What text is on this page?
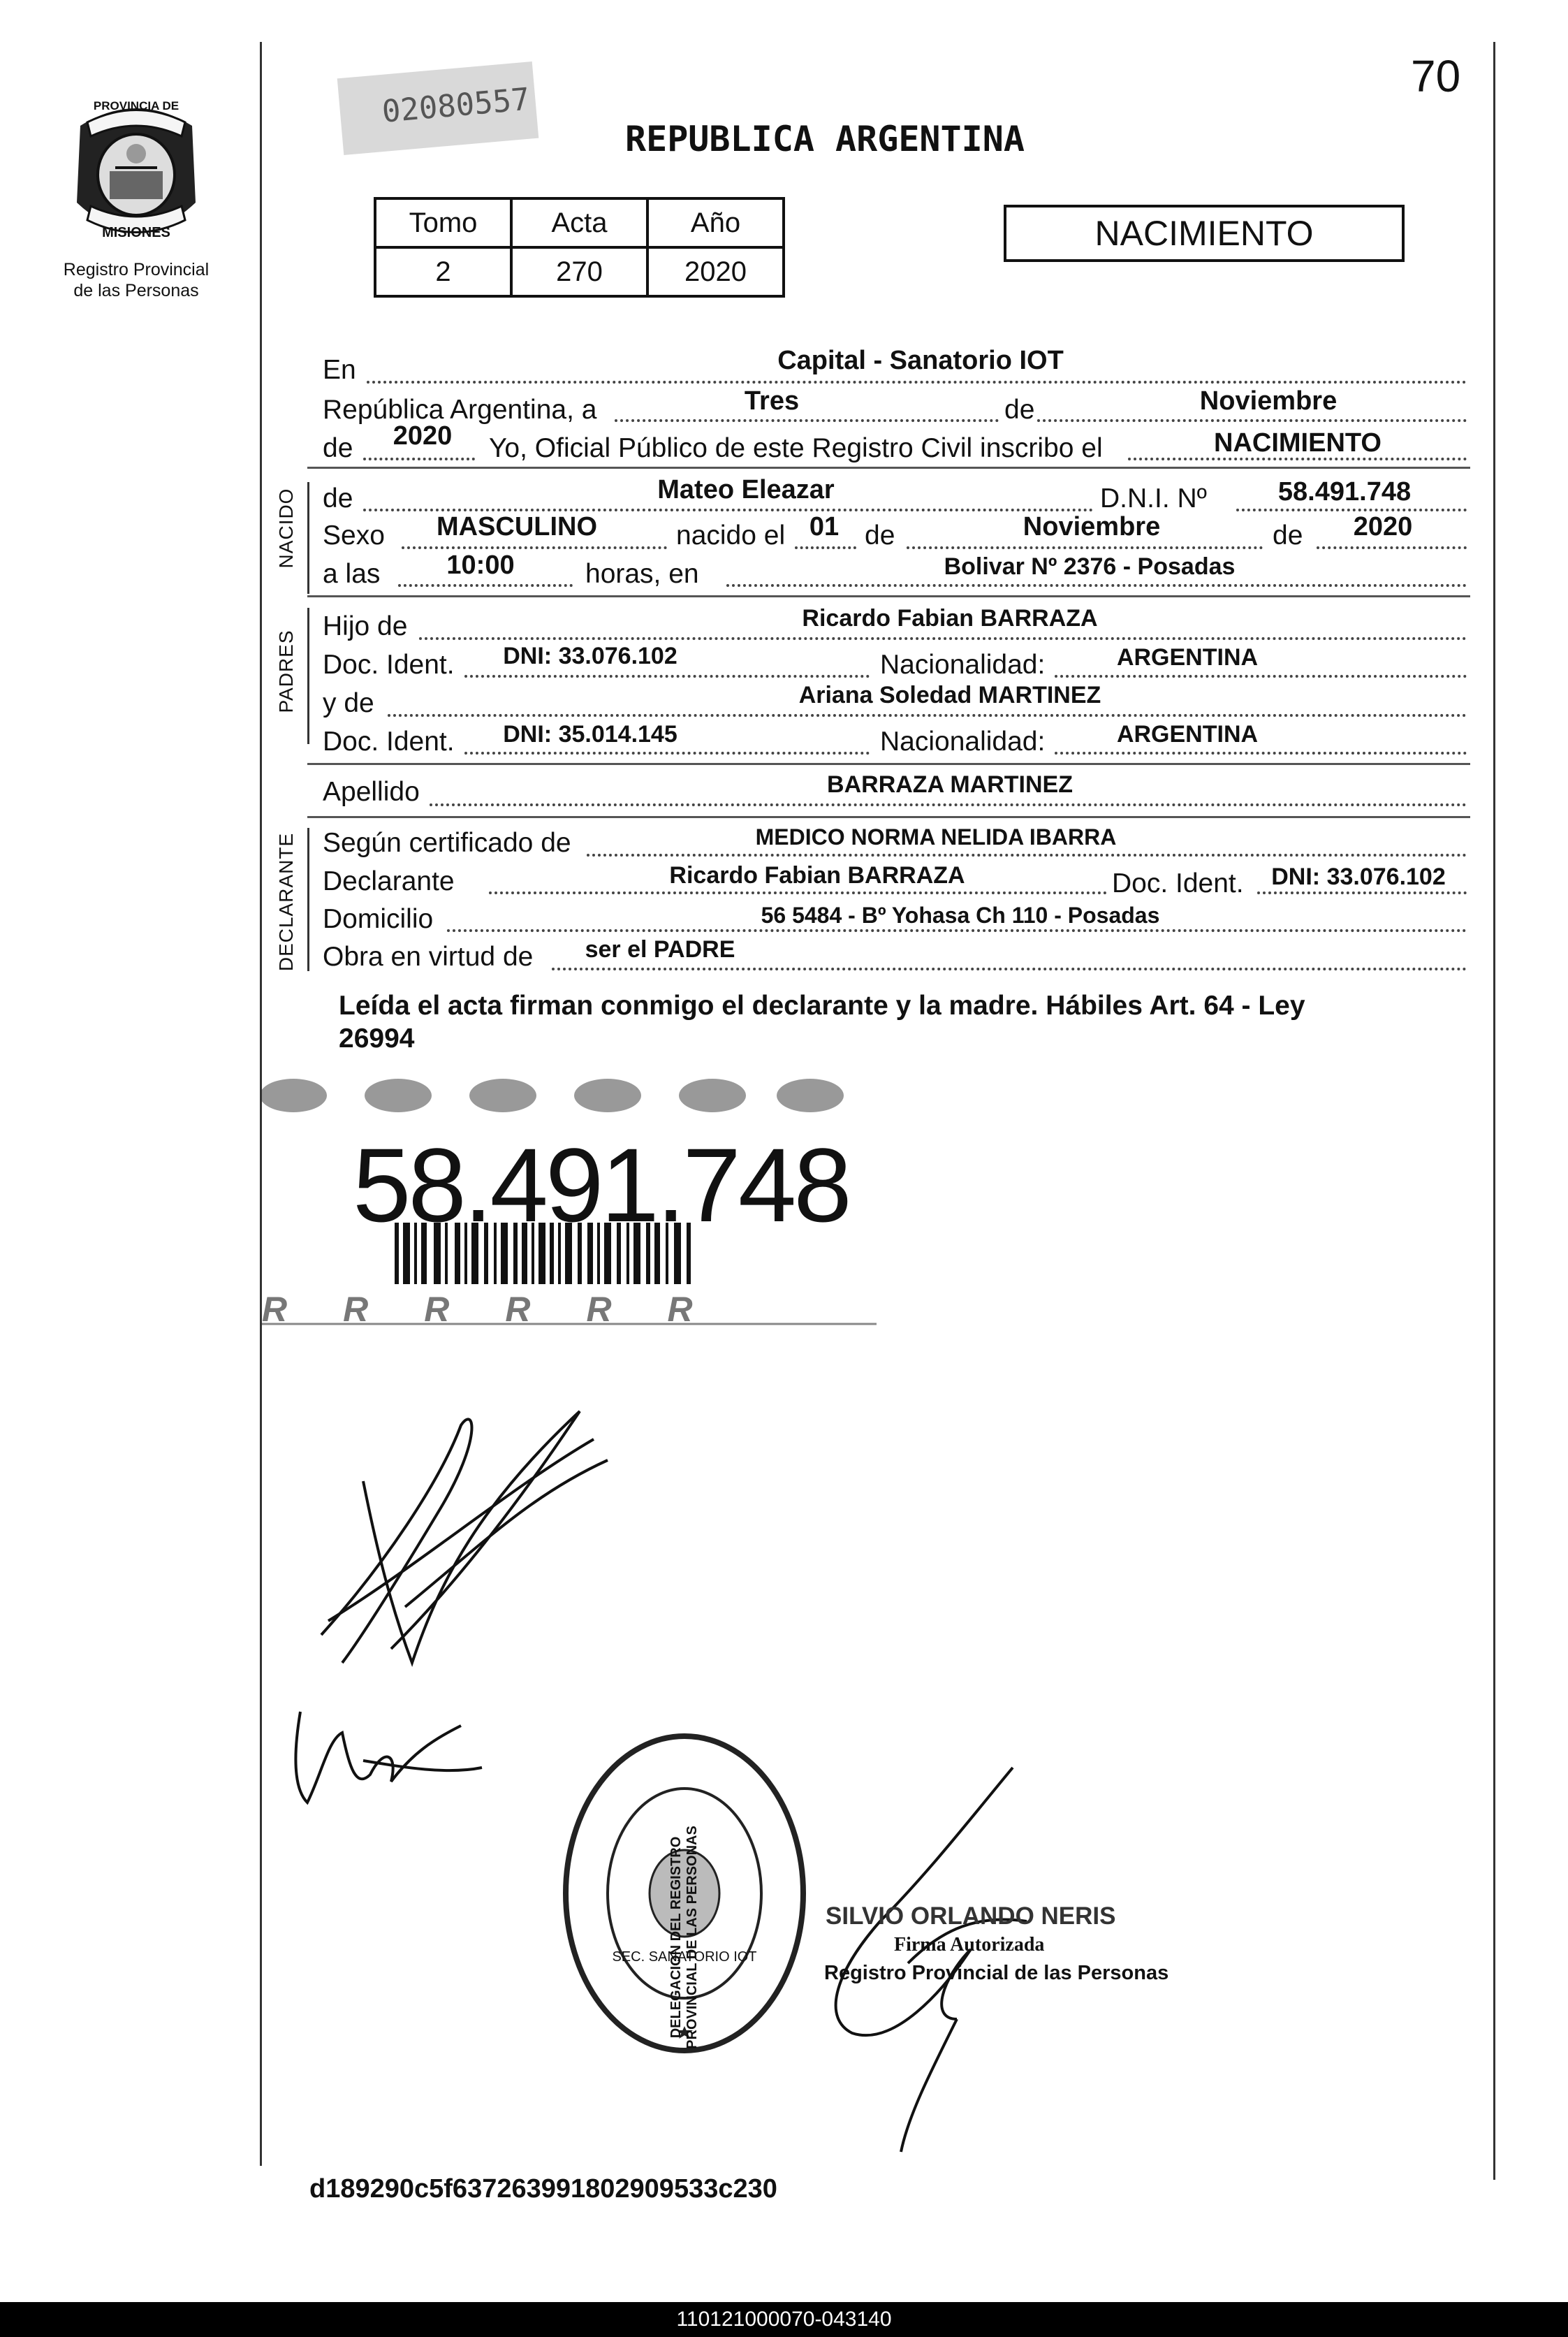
PROVINCIA DE
MISIONES
Registro Provincial
de las Personas
02080557
70
REPUBLICA ARGENTINA
Tomo	Acta	Año
2	270	2020
NACIMIENTO
En	Capital - Sanatorio IOT
República Argentina, a	Tres	de	Noviembre
de 2020 Yo, Oficial Público de este Registro Civil inscribo el	NACIMIENTO
NACIDO de	Mateo Eleazar	D.N.I. Nº	58.491.748
Sexo MASCULINO	nacido el 01 de	Noviembre	de 2020
a las	10:00	horas, en	Bolivar Nº 2376 - Posadas
PADRES
Hijo de	Ricardo Fabian BARRAZA
Doc. Ident. DNI: 33.076.102	Nacionalidad:	ARGENTINA
y de	Ariana Soledad MARTINEZ
Doc. Ident. DNI: 35.014.145	Nacionalidad:	ARGENTINA
Apellido	BARRAZA MARTINEZ
DECLARANTE Según certificado de	MEDICO NORMA NELIDA IBARRA
Declarante	Ricardo Fabian BARRAZA	Doc. Ident. DNI: 33.076.102
Domicilio	56 5484 - Bº Yohasa Ch 110 - Posadas
Obra en virtud de ser el PADRE
Leída el acta firman conmigo el declarante y la madre. Hábiles Art. 64 - Ley
26994
58.491.748
RRRRRR
DELEGACION DEL REGISTRO PROVINCIAL DE LAS PERSONAS
SEC. SANATORIO IOT
SILVIO ORLANDO NERIS
Firma Autorizada
Registro Provincial de las Personas
d189290c5f637263991802909533c230
110121000070-043140
